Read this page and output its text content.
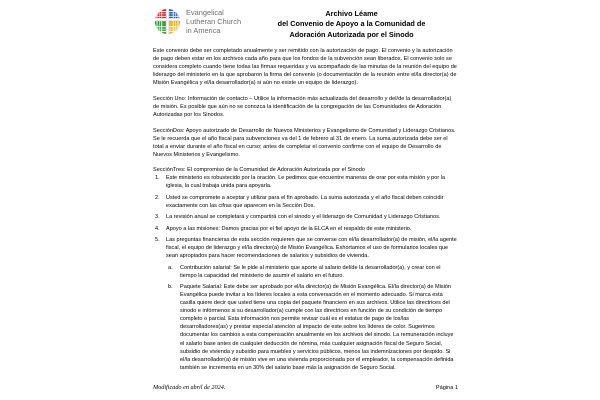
Evangelical
Lutheran Church
in America
Archivo Léame
del Convenio de Apoyo a la Comunidad de
Adoración Autorizada por el Sinodo

Este convenio debe ser completado anualmente y ser remitido con la autorización de pago. El convenio y la autorización de pago deben estar en los archivos cada año para que los fondos de la subvención sean liberados. El convenio solo se considera completo cuando tiene todas las firmas requeridas y va acompañado de las minutas de la reunión del equipo de liderazgo del ministerio en la que aprobaron la firma del convenio (o documentación de la reunión entre el/la director(a) de Misión Evangélica y el/la desarrollador(a) si aún no existe un equipo de liderazgo).

Sección Uno: Información de contacto – Utilice la información más actualizada del desarrollo y del/de la desarrollador(a) de misión. Es posible que aún no se conozca la identificación de la congregación de las Comunidades de Adoración Autorizadas por los Sinodos.

SecciónDos: Apoyo autorizado de Desarrollo de Nuevos Ministerios y Evangelismo de Comunidad y Liderazgo Cristianos.

Se le recuerda que el año fiscal para subvenciones va del 1 de febrero al 31 de enero. La suma autorizada debe ser el total a enviar durante el año fiscal en curso; antes de completar el convenio confirme con el equipo de Desarrollo de Nuevos Ministerios y Evangelismo.

SecciónTres: El compromiso de la Comunidad de Adoración Autorizada por el Sinodo

1.	Este ministerio es robustecido por la oración. Le pedimos que encuentre maneras de orar por esta misión y por la iglesia, la cual trabaja unida para apoyarla.
2.	Usted se compromete a aceptar y utilizar para el fin aprobado. La suma autorizada y el año fiscal deben coincidir exactamente con las cifras que aparecen en la Sección Dos.
3.	La revisión anual se completará y compartirá con el sinodo y el liderazgo de Comunidad y Liderazgo Cristianos.
4.	Apoyo a las misiones: Damos gracias por el fiel apoyo de la ELCA en el respaldo de este ministerio.
5.	Las preguntas financieras de esta sección requieren que se converse con el/la desarrollador(a) de misión, el/la agente fiscal, el equipo de liderazgo y el/la director(a) de Misión Evangélica. Exhortamos el uso de formularios locales que sean apropiados para hacer recomendaciones de salarios y subsidios de vivienda.
a.	Contribución salarial: Se le pide al ministerio que aporte al salario del/de la desarrollador(a), y crear con el tiempo la capacidad del ministerio de asumir el salario en el futuro.
b.	Paquete Salarial: Este debe ser aprobado por el/la director(a) de Misión Evangélica. El/la director(a) de Misión Evangélica puede invitar a los líderes locales a esta conversación en el momento adecuado. Si marca esta casilla quiere decir que usted tiene una copia del paquete financiero en sus archivos. Utilice las directrices del sinodo e infórmenos si su desarrollador(a) cumple con las directrices en función de su condición de tiempo completo o parcial. Esta información nos permite revisar cuál es el estatus de pago de los/las desarrolladores(as) y prestar especial atención al impacto de este sobre los líderes de color. Sugerimos documentar los cambios a esta compensación anualmente en los archivos del sinodo. La remuneración incluye el salario base antes de cualquier deducción de nómina, más cualquier asignación fiscal de Seguro Social, subsidio de vivienda y subsidio para muebles y servicios públicos, menos las indemnizaciones por despido. Si el/la desarrollador(a) de misión vive en una vivienda proporcionada por el empleador, la compensación definida también se incrementa en un 30% del salario base más la asignación de Seguro Social.
Modificado en abril de 2024.	Página 1
